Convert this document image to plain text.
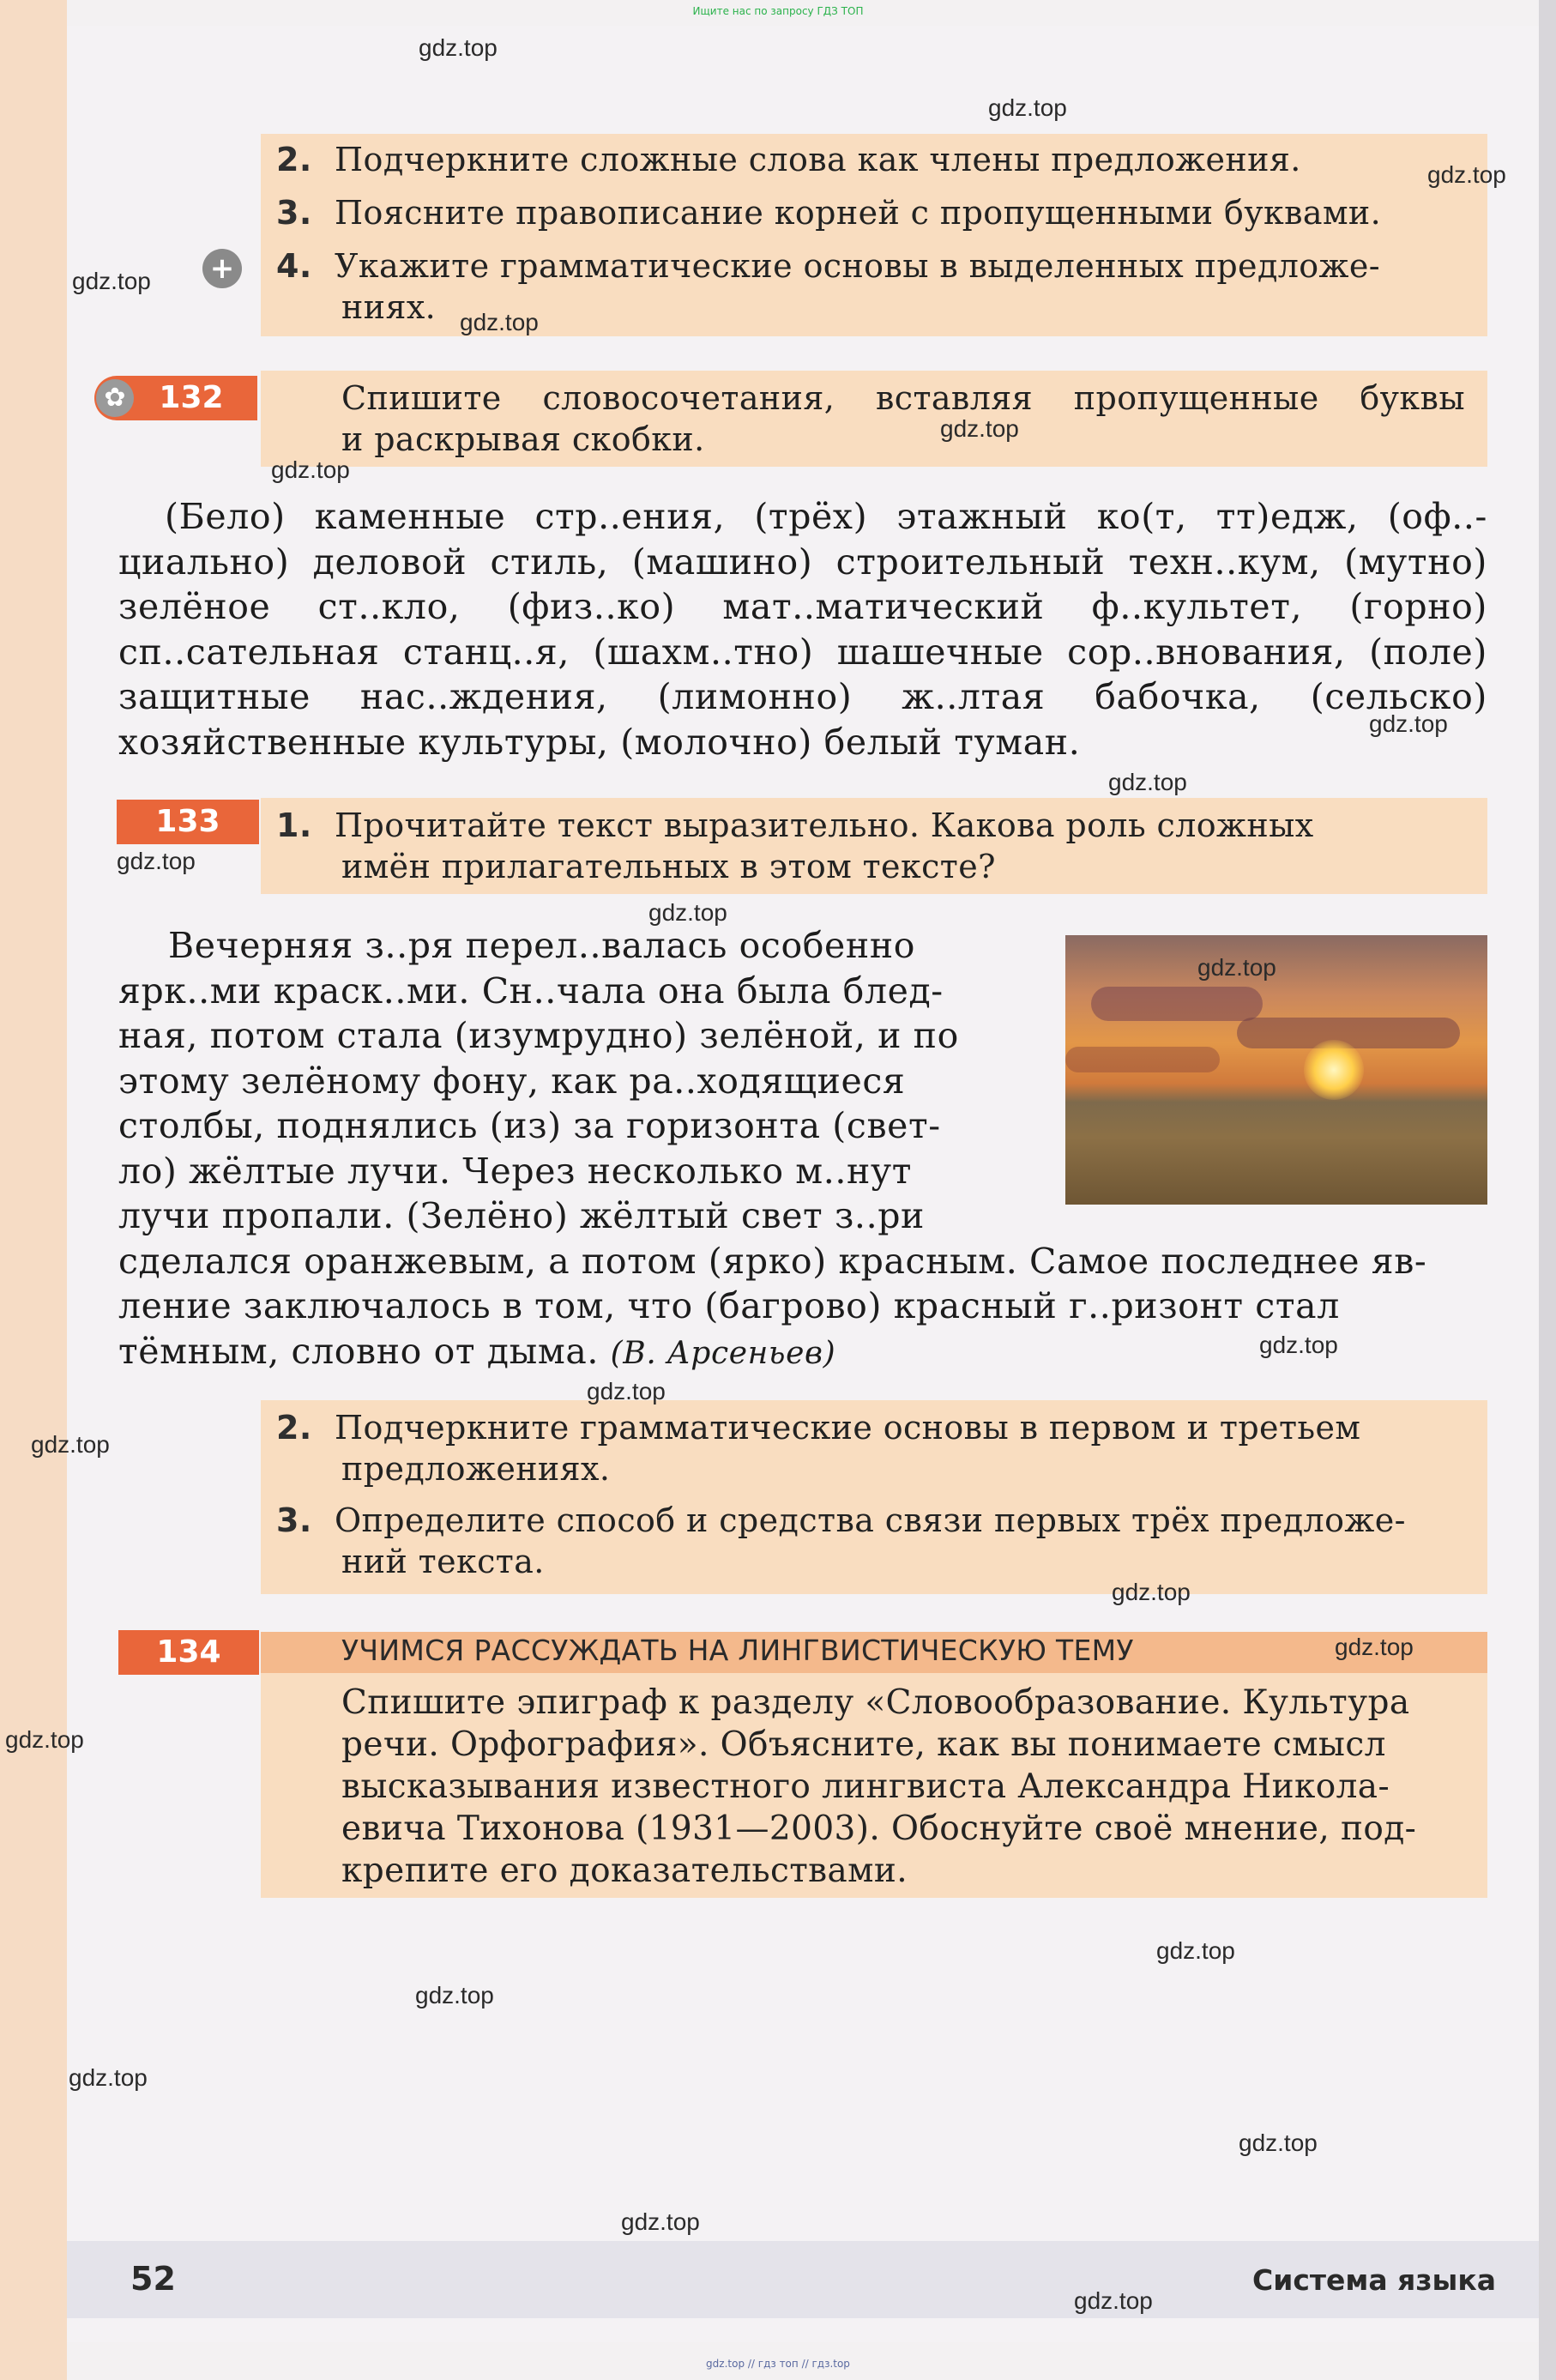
Ищите нас по запросу ГДЗ ТОП
+
2. Подчеркните сложные слова как члены предложения.
3. Поясните правописание корней с пропущенными буквами.
4. Укажите грамматические основы в выделенных предложе-
ниях.
132
✿	Спишите словосочетания, вставляя пропущенные буквы
и раскрывая скобки.
(Бело) каменные стр..ения, (трёх) этажный ко(т, тт)едж, (оф..-циально) деловой стиль, (машино) строительный техн..кум, (мутно) зелёное ст..кло, (физ..ко) мат..матический ф..культет, (горно) сп..сательная станц..я, (шахм..тно) шашечные сор..внования, (поле) защитные нас..ждения, (лимонно) ж..лтая бабочка, (сельско) хозяйственные культуры, (молочно) белый туман.
133	1. Прочитайте текст выразительно. Какова роль сложных
имён прилагательных в этом тексте?
Вечерняя з..ря перел..валась особенно
ярк..ми краск..ми. Сн..чала она была блед-
ная, потом стала (изумрудно) зелёной, и по
этому зелёному фону, как ра..ходящиеся
столбы, поднялись (из) за горизонта (свет-
ло) жёлтые лучи. Через несколько м..нут
лучи пропали. (Зелёно) жёлтый свет з..ри
сделался оранжевым, а потом (ярко) красным. Самое последнее яв-
ление заключалось в том, что (багрово) красный г..ризонт стал
тёмным, словно от дыма. (В. Арсеньев)
2. Подчеркните грамматические основы в первом и третьем
предложениях.
3. Определите способ и средства связи первых трёх предложе-
ний текста.
134	УЧИМСЯ РАССУЖДАТЬ НА ЛИНГВИСТИЧЕСКУЮ ТЕМУ
Спишите эпиграф к разделу «Словообразование. Культура
речи. Орфография». Объясните, как вы понимаете смысл
высказывания известного лингвиста Александра Никола-
евича Тихонова (1931—2003). Обоснуйте своё мнение, под-
крепите его доказательствами.
52	Система языка
gdz.top // гдз топ // гдз.top
gdz.top
gdz.top
gdz.top
gdz.top
gdz.top
gdz.top
gdz.top
gdz.top
gdz.top
gdz.top
gdz.top
gdz.top
gdz.top
gdz.top
gdz.top
gdz.top
gdz.top
gdz.top
gdz.top
gdz.top
gdz.top
gdz.top
gdz.top
gdz.top
